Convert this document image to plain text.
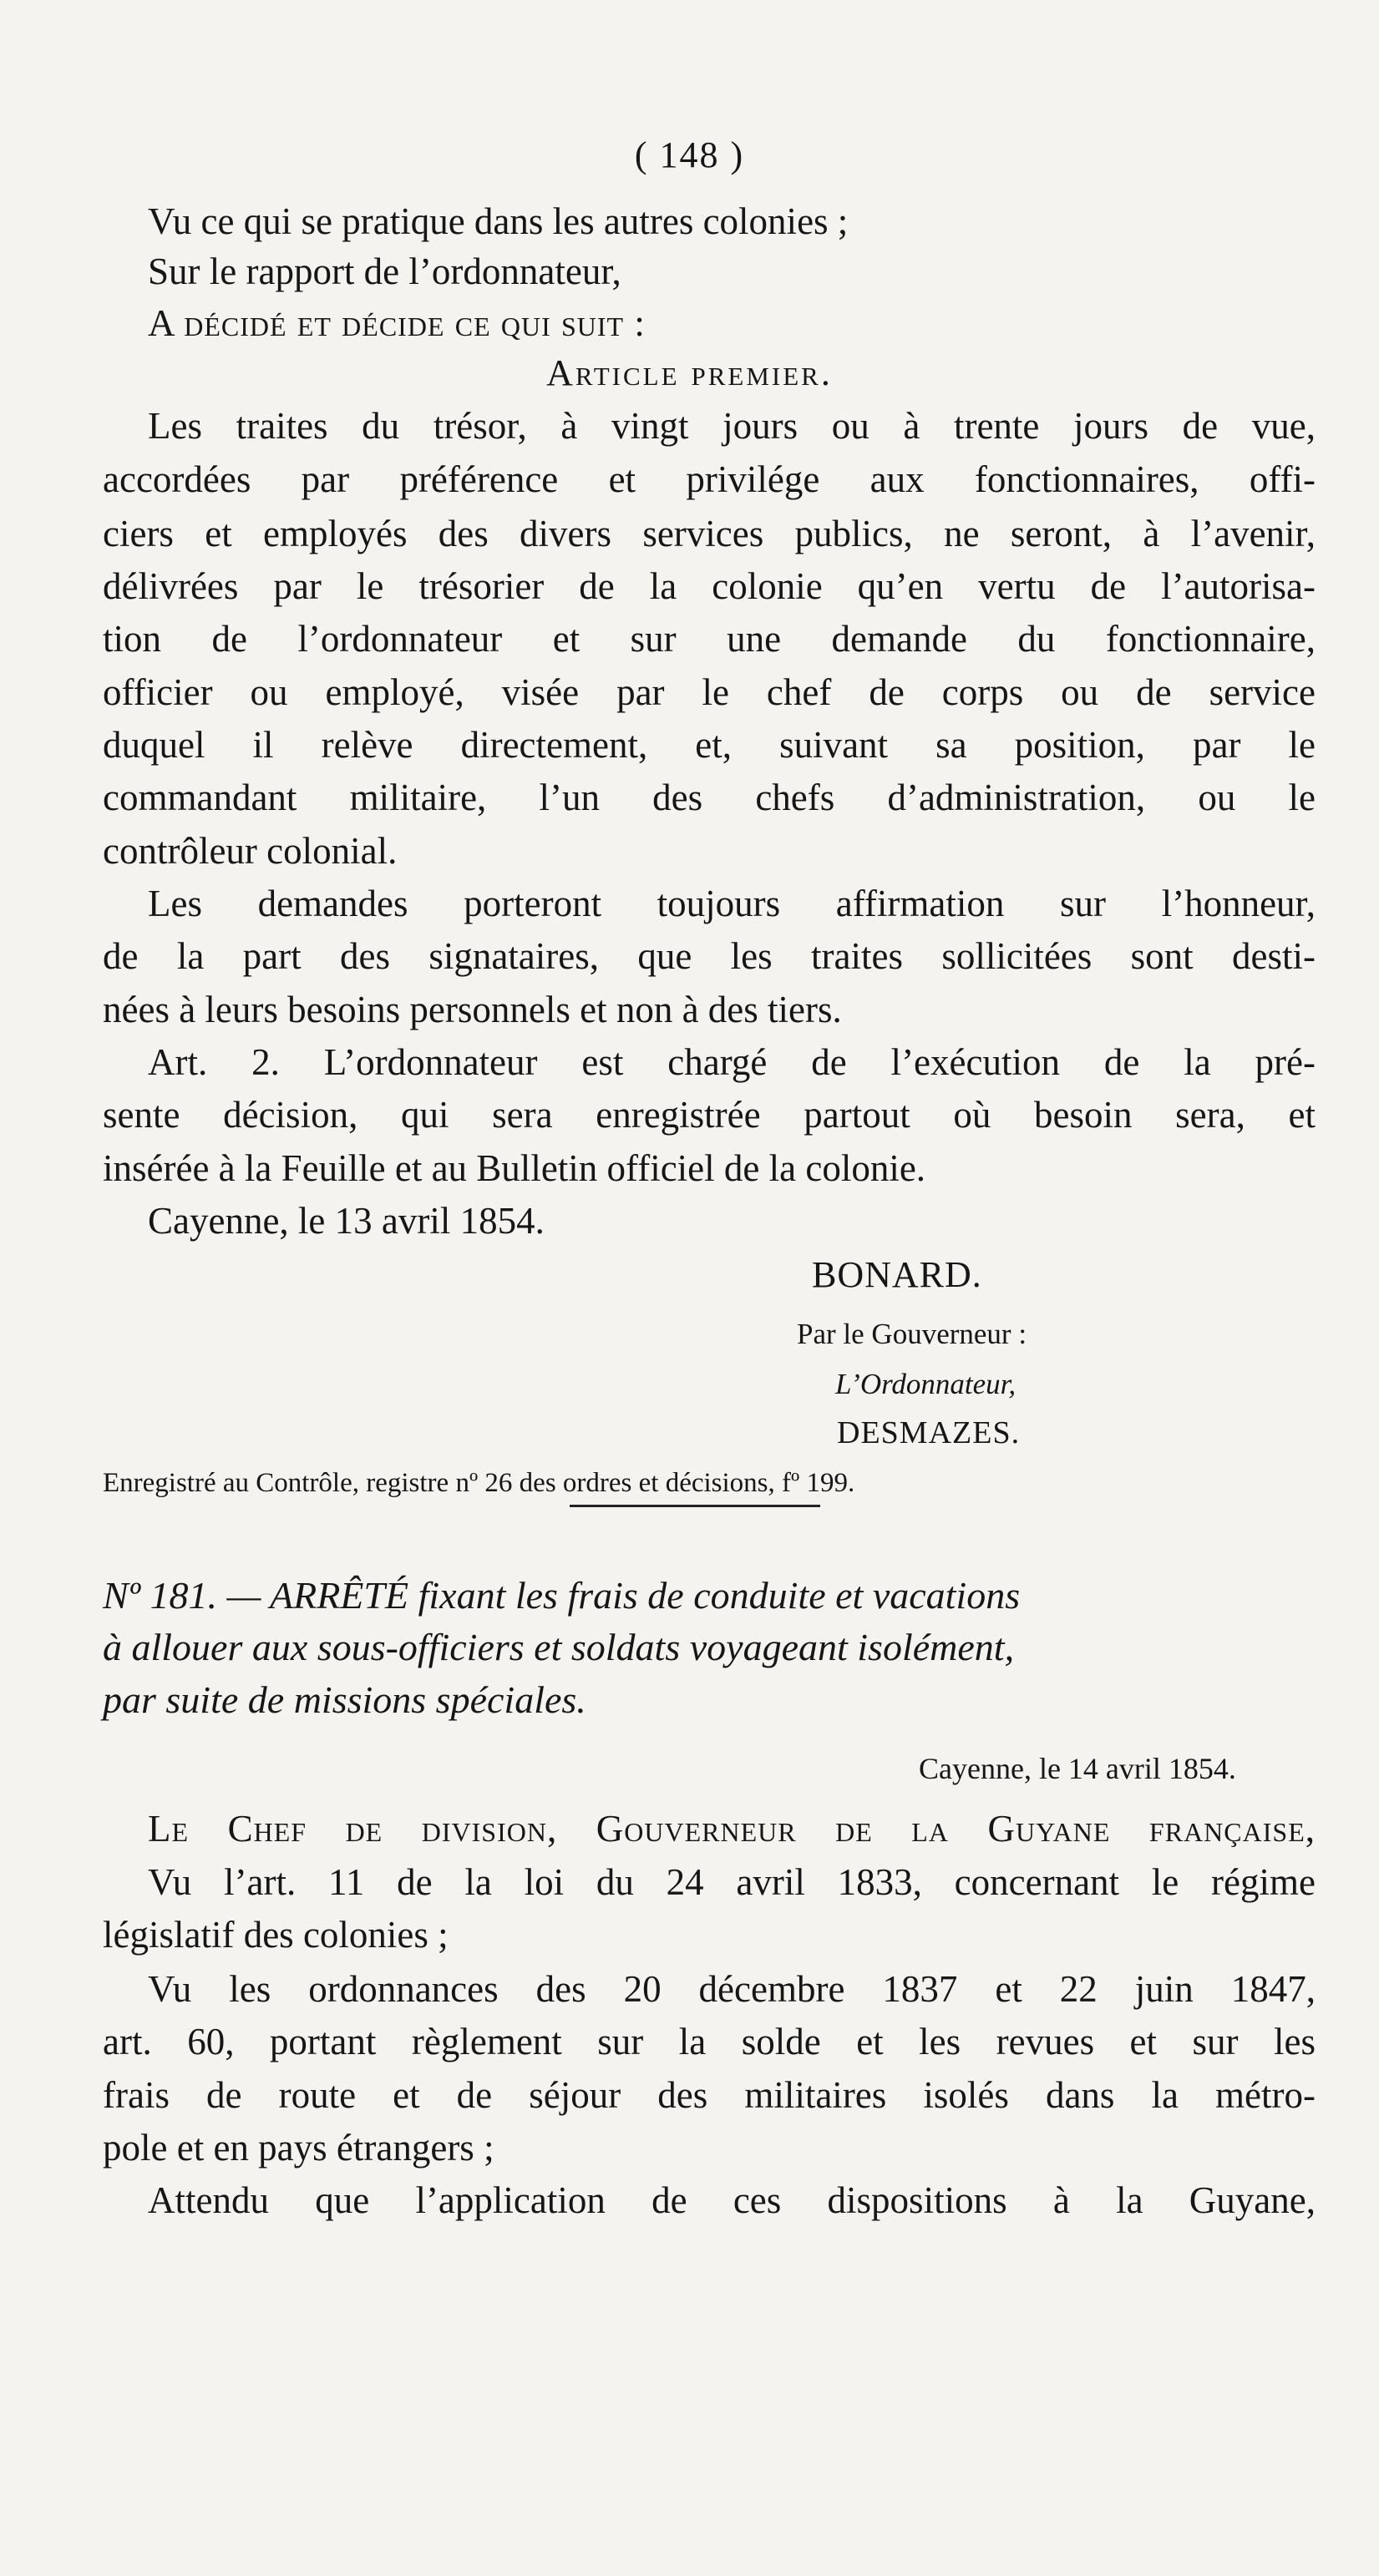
( 148 )
Vu ce qui se pratique dans les autres colonies ;
Sur le rapport de l’ordonnateur,
A décidé et décide ce qui suit :
Article premier.
Les traites du trésor, à vingt jours ou à trente jours de vue,
accordées par préférence et privilége aux fonctionnaires, offi-
ciers et employés des divers services publics, ne seront, à l’avenir,
délivrées par le trésorier de la colonie qu’en vertu de l’autorisa-
tion de l’ordonnateur et sur une demande du fonctionnaire,
officier ou employé, visée par le chef de corps ou de service
duquel il relève directement, et, suivant sa position, par le
commandant militaire, l’un des chefs d’administration, ou le
contrôleur colonial.
Les demandes porteront toujours affirmation sur l’honneur,
de la part des signataires, que les traites sollicitées sont desti-
nées à leurs besoins personnels et non à des tiers.
Art. 2. L’ordonnateur est chargé de l’exécution de la pré-
sente décision, qui sera enregistrée partout où besoin sera, et
insérée à la Feuille et au Bulletin officiel de la colonie.
Cayenne, le 13 avril 1854.
BONARD.
Par le Gouverneur :
L’Ordonnateur,
DESMAZES.
Enregistré au Contrôle, registre nº 26 des ordres et décisions, fº 199.
Nº 181. — ARRÊTÉ fixant les frais de conduite et vacations
à allouer aux sous-officiers et soldats voyageant isolément,
par suite de missions spéciales.
Cayenne, le 14 avril 1854.
Le Chef de division, Gouverneur de la Guyane française,
Vu l’art. 11 de la loi du 24 avril 1833, concernant le régime
législatif des colonies ;
Vu les ordonnances des 20 décembre 1837 et 22 juin 1847,
art. 60, portant règlement sur la solde et les revues et sur les
frais de route et de séjour des militaires isolés dans la métro-
pole et en pays étrangers ;
Attendu que l’application de ces dispositions à la Guyane,
